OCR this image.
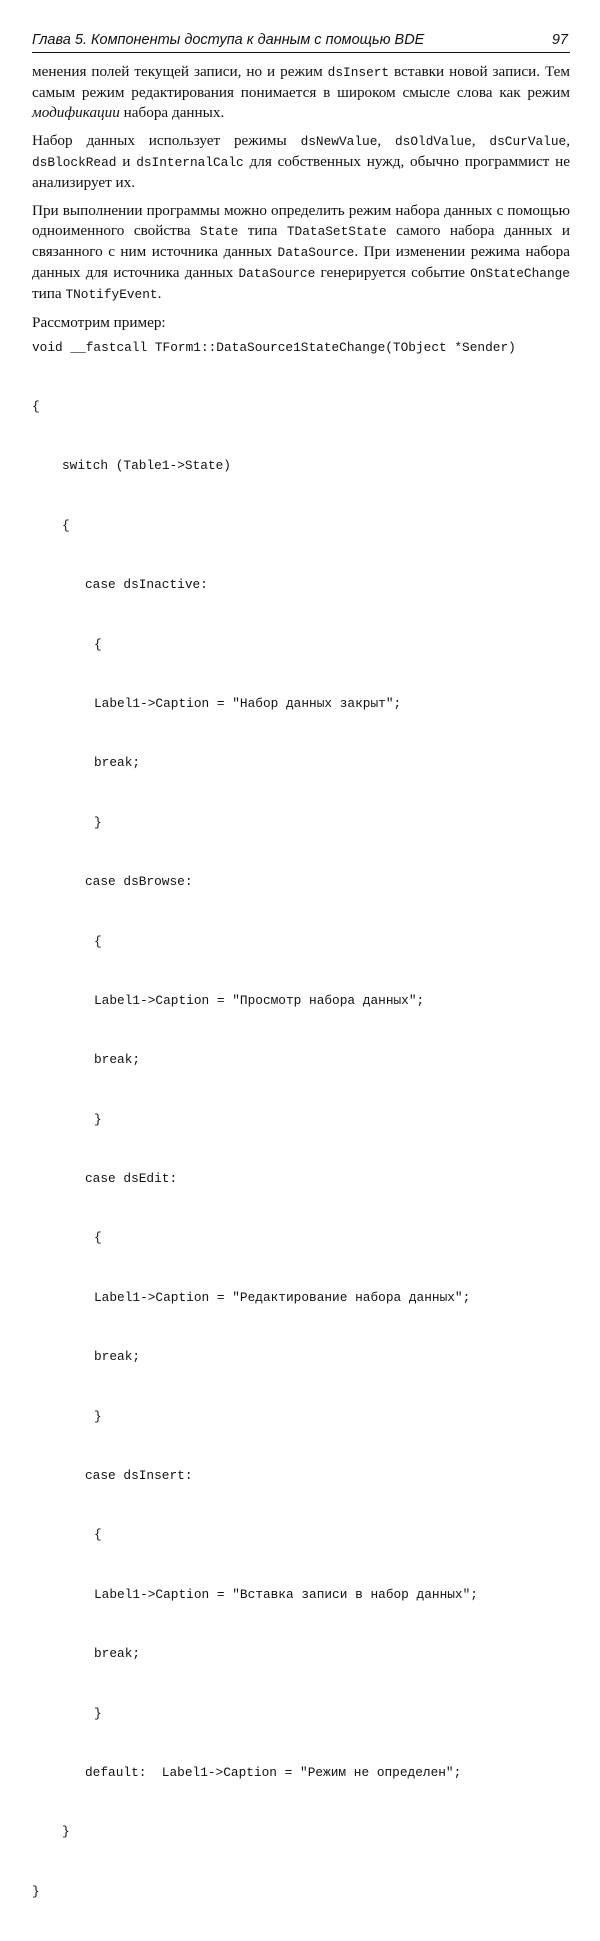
Глава 5. Компоненты доступа к данным с помощью BDE	97

менения полей текущей записи, но и режим dsInsert вставки новой записи. Тем самым режим редактирования понимается в широком смысле слова как режим модификации набора данных.

Набор данных использует режимы dsNewValue, dsOldValue, dsCurValue, dsBlockRead и dsInternalCalc для собственных нужд, обычно программист не анализирует их.

При выполнении программы можно определить режим набора данных с помощью одноименного свойства State типа TDataSetState самого набора данных и связанного с ним источника данных DataSource. При изменении режима набора данных для источника данных DataSource генерируется событие OnStateChange типа TNotifyEvent.

Рассмотрим пример:

void __fastcall TForm1::DataSource1StateChange(TObject *Sender)

{

switch (Table1->State)

{

case dsInactive:

{

Label1->Caption = "Набор данных закрыт";

break;

}

case dsBrowse:

{

Label1->Caption = "Просмотр набора данных";

break;

}

case dsEdit:

{

Label1->Caption = "Редактирование набора данных";

break;

}

case dsInsert:

{

Label1->Caption = "Вставка записи в набор данных";

break;

}

default:  Label1->Caption = "Режим не определен";

}

}
